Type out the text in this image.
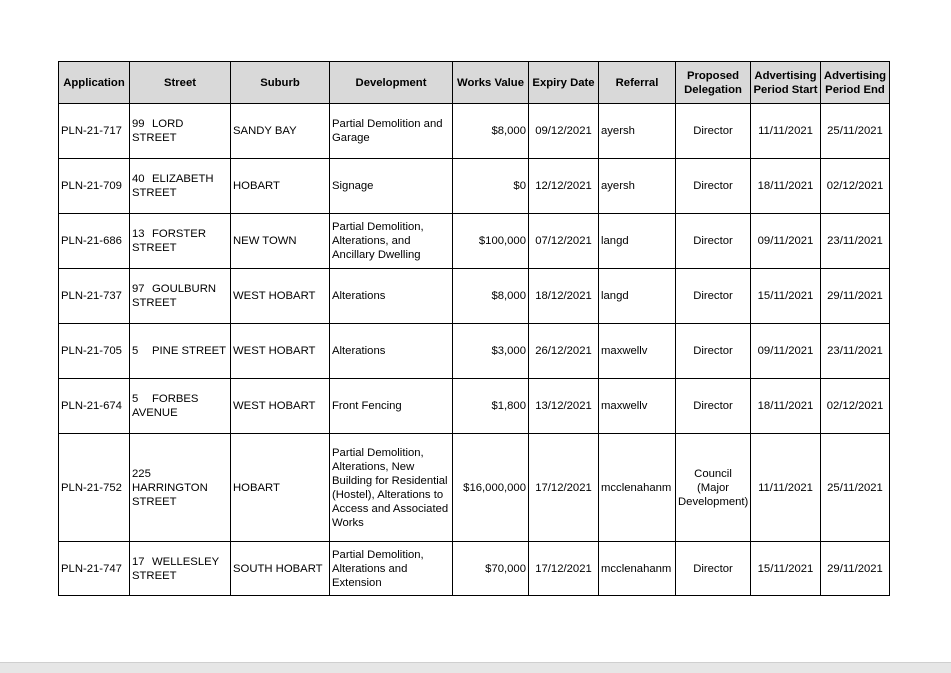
Application	Street	Suburb	Development	Works Value	Expiry Date	Referral	Proposed Delegation	Advertising Period Start	Advertising Period End
PLN-21-717	99 LORD STREET	SANDY BAY	Partial Demolition and Garage	$8,000	09/12/2021	ayersh	Director	11/11/2021	25/11/2021
PLN-21-709	40 ELIZABETH STREET	HOBART	Signage	$0	12/12/2021	ayersh	Director	18/11/2021	02/12/2021
PLN-21-686	13 FORSTER STREET	NEW TOWN	Partial Demolition, Alterations, and Ancillary Dwelling	$100,000	07/12/2021	langd	Director	09/11/2021	23/11/2021
PLN-21-737	97 GOULBURN STREET	WEST HOBART	Alterations	$8,000	18/12/2021	langd	Director	15/11/2021	29/11/2021
PLN-21-705	5 PINE STREET	WEST HOBART	Alterations	$3,000	26/12/2021	maxwellv	Director	09/11/2021	23/11/2021
PLN-21-674	5 FORBES AVENUE	WEST HOBART	Front Fencing	$1,800	13/12/2021	maxwellv	Director	18/11/2021	02/12/2021
PLN-21-752	225HARRINGTON STREET	HOBART	Partial Demolition, Alterations, New Building for Residential (Hostel), Alterations to Access and Associated Works	$16,000,000	17/12/2021	mcclenahanm	Council (Major Development)	11/11/2021	25/11/2021
PLN-21-747	17 WELLESLEY STREET	SOUTH HOBART	Partial Demolition, Alterations and Extension	$70,000	17/12/2021	mcclenahanm	Director	15/11/2021	29/11/2021
